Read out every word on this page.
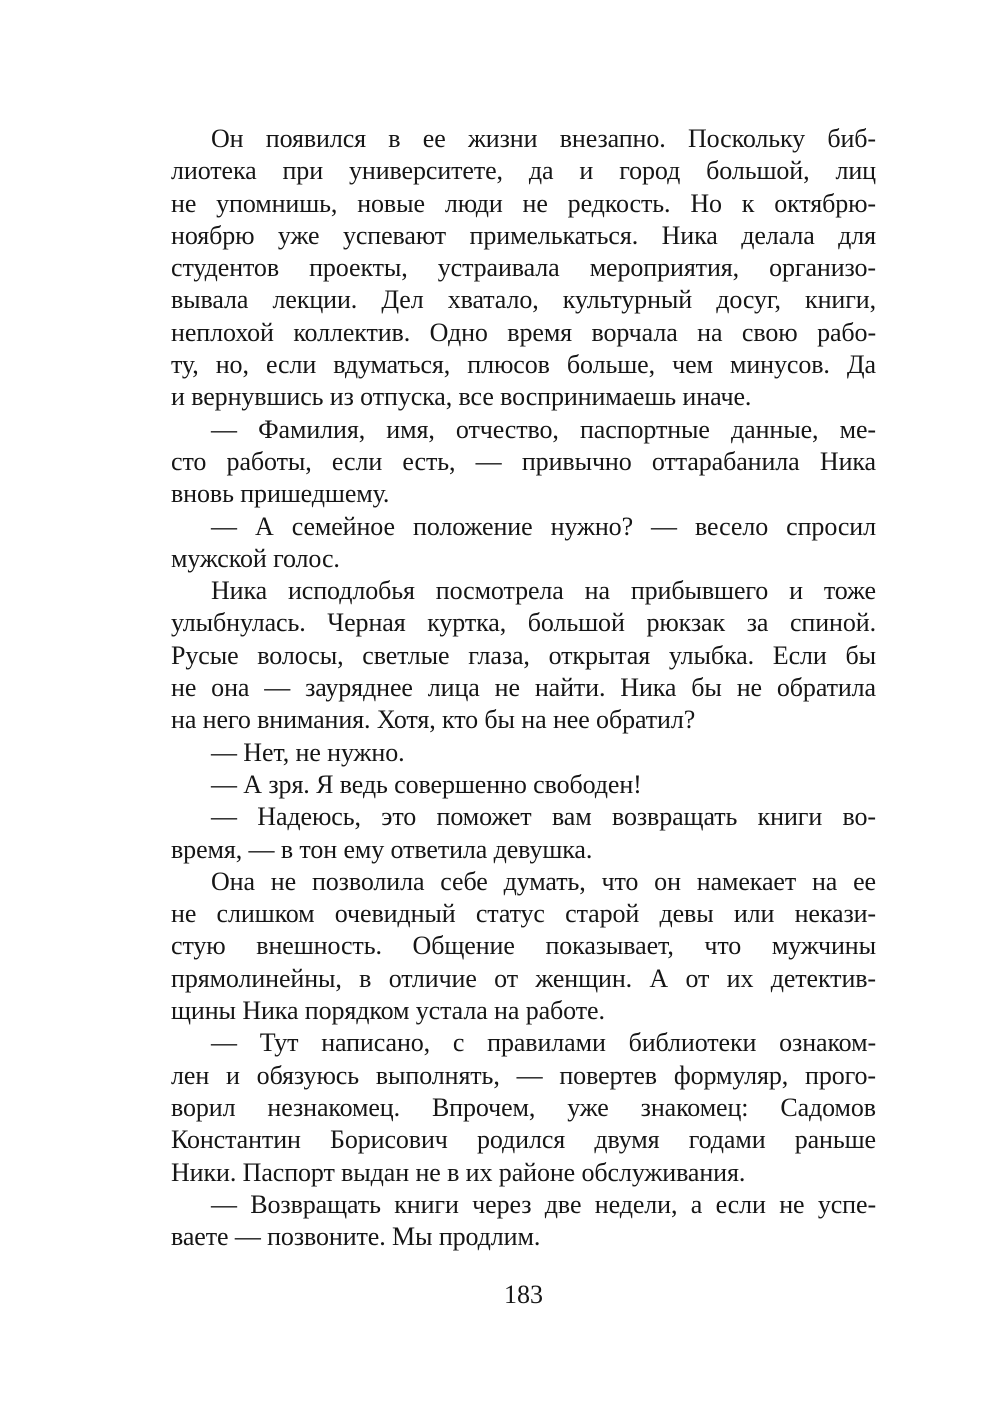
Он появился в ее жизни внезапно. Поскольку биб-
лиотека при университете, да и город большой, лиц
не упомнишь, новые люди не редкость. Но к октябрю-
ноябрю уже успевают примелькаться. Ника делала для
студентов проекты, устраивала мероприятия, организо-
вывала лекции. Дел хватало, культурный досуг, книги,
неплохой коллектив. Одно время ворчала на свою рабо-
ту, но, если вдуматься, плюсов больше, чем минусов. Да
и вернувшись из отпуска, все воспринимаешь иначе.
— Фамилия, имя, отчество, паспортные данные, ме-
сто работы, если есть, — привычно оттарабанила Ника
вновь пришедшему.
— А семейное положение нужно? — весело спросил
мужской голос.
Ника исподлобья посмотрела на прибывшего и тоже
улыбнулась. Черная куртка, большой рюкзак за спиной.
Русые волосы, светлые глаза, открытая улыбка. Если бы
не она — зауряднее лица не найти. Ника бы не обратила
на него внимания. Хотя, кто бы на нее обратил?
— Нет, не нужно.
— А зря. Я ведь совершенно свободен!
— Надеюсь, это поможет вам возвращать книги во-
время, — в тон ему ответила девушка.
Она не позволила себе думать, что он намекает на ее
не слишком очевидный статус старой девы или некази-
стую внешность. Общение показывает, что мужчины
прямолинейны, в отличие от женщин. А от их детектив-
щины Ника порядком устала на работе.
— Тут написано, с правилами библиотеки ознаком-
лен и обязуюсь выполнять, — повертев формуляр, прого-
ворил незнакомец. Впрочем, уже знакомец: Садомов
Константин Борисович родился двумя годами раньше
Ники. Паспорт выдан не в их районе обслуживания.
— Возвращать книги через две недели, а если не успе-
ваете — позвоните. Мы продлим.
183
